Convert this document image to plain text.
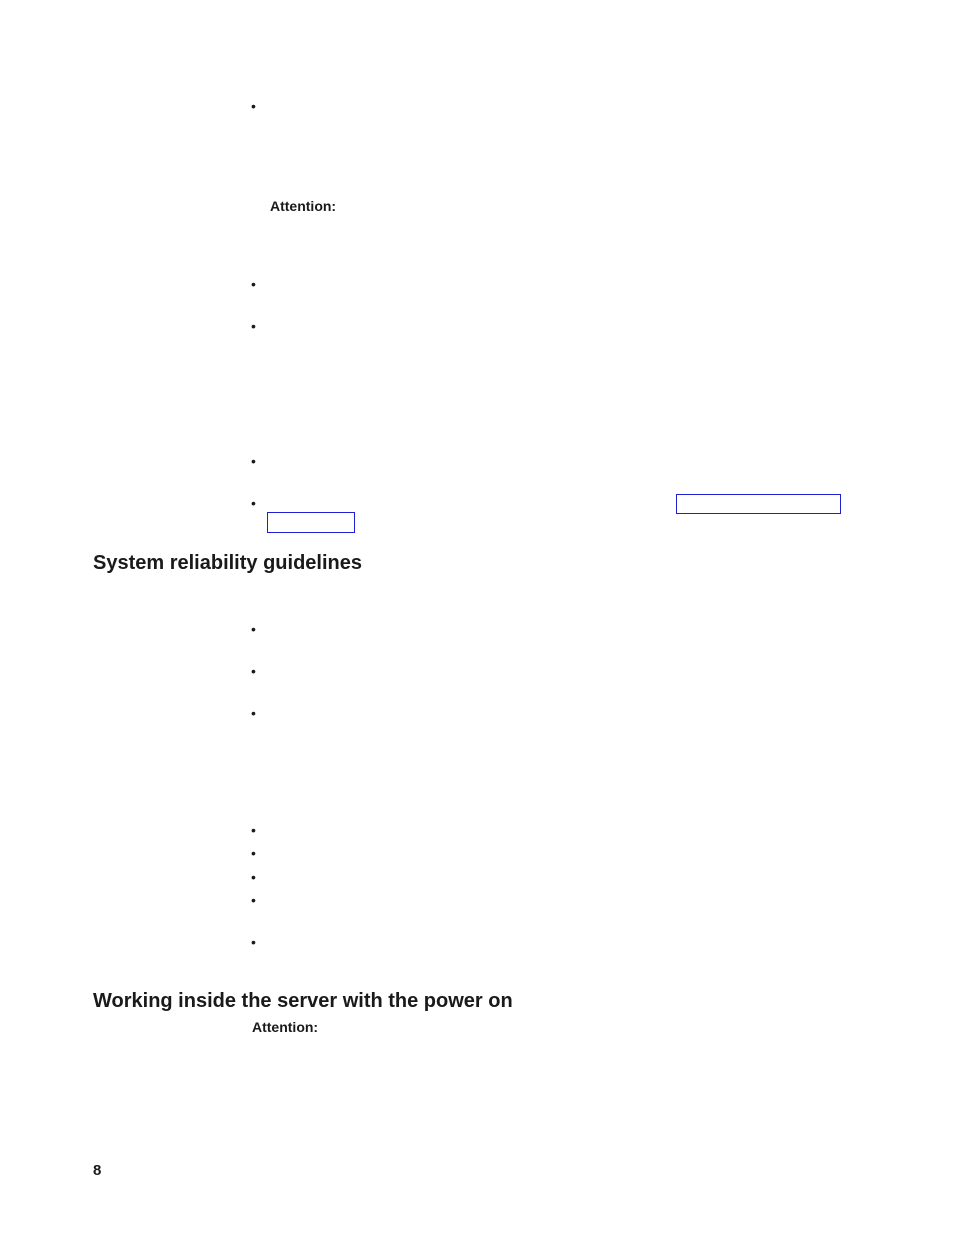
•
Attention:
•
•
•
•
System reliability guidelines
•
•
•
•
•
•
•
•
Working inside the server with the power on
Attention:
8
